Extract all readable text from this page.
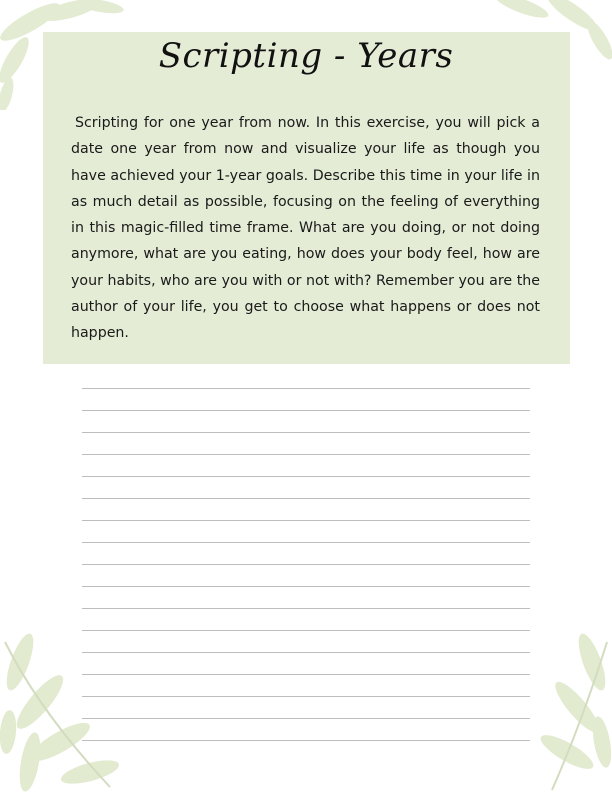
Scripting - Years

Scripting for one year from now. In this exercise, you will pick a date one year from now and visualize your life as though you have achieved your 1-year goals. Describe this time in your life in as much detail as possible, focusing on the feeling of everything in this magic-filled time frame. What are you doing, or not doing anymore, what are you eating, how does your body feel, how are your habits, who are you with or not with? Remember you are the author of your life, you get to choose what happens or does not happen.
